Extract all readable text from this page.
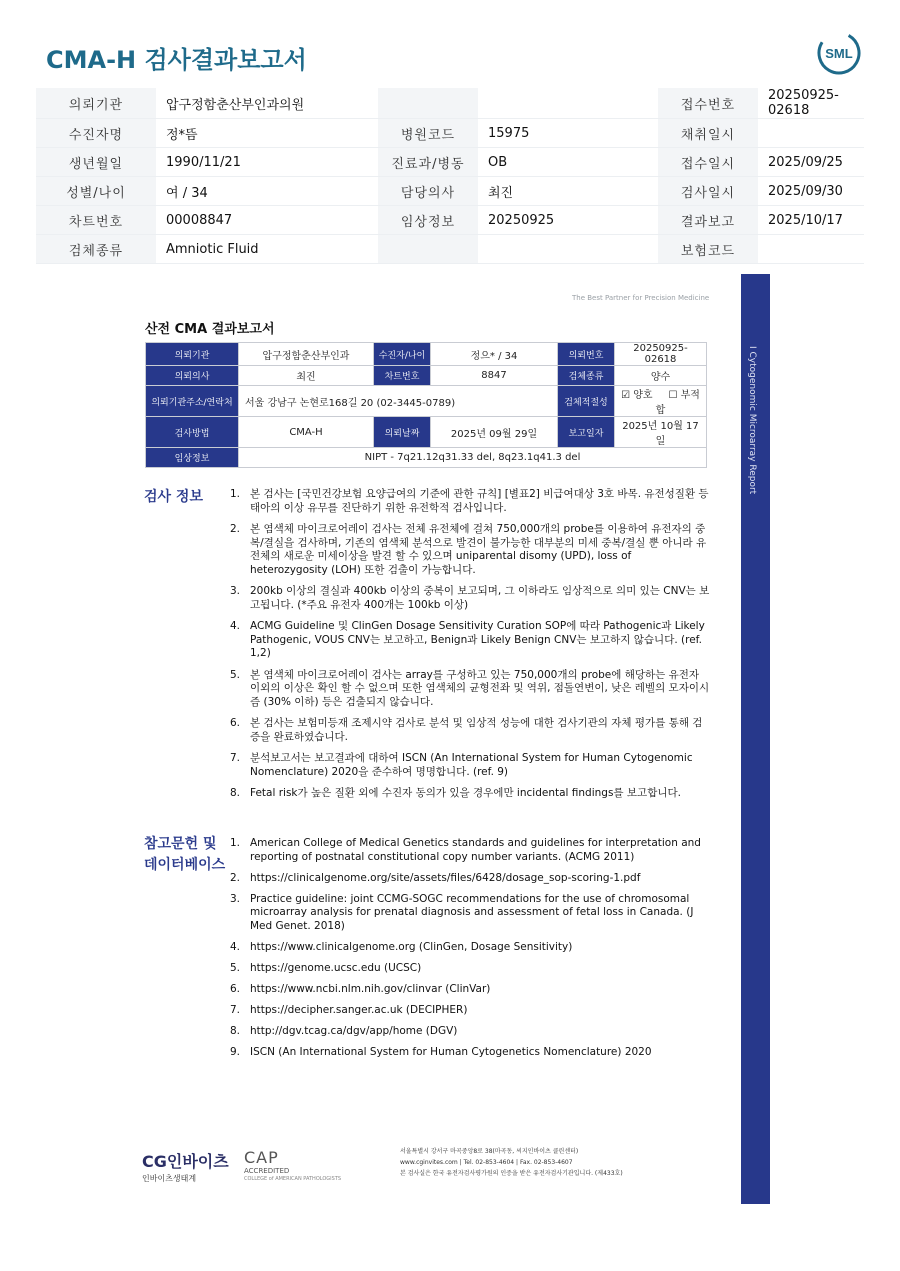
CMA-H 검사결과보고서	SML
의뢰기관	압구정함춘산부인과의원			접수번호	20250925-02618
수진자명	정*뜸	병원코드	15975	채취일시	
생년월일	1990/11/21	진료과/병동	OB	접수일시	2025/09/25
성별/나이	여 / 34	담당의사	최진	검사일시	2025/09/30
차트번호	00008847	임상정보	20250925	결과보고	2025/10/17
검체종류	Amniotic Fluid			보험코드	
I Cytogenomic Microarray Report
The Best Partner for Precision Medicine
산전 CMA 결과보고서
의뢰기관	압구정함춘산부인과	수진자/나이	정으* / 34	의뢰번호	20250925-02618
의뢰의사	최진	차트번호	8847	검체종류	양수
의뢰기관주소/연락처	서울 강남구 논현로168길 20 (02-3445-0789)			검체적절성	☑ 양호 ☐ 부적합
검사방법	CMA-H	의뢰날짜	2025년 09월 29일	보고일자	2025년 10월 17일
임상정보	NIPT - 7q21.12q31.33 del, 8q23.1q41.3 del				
검사 정보	1. 본 검사는 [국민건강보험 요양급여의 기준에 관한 규칙] [별표2] 비급여대상 3호 바목. 유전성질환 등 태아의 이상 유무를 진단하기 위한 유전학적 검사입니다.
2. 본 염색체 마이크로어레이 검사는 전체 유전체에 걸쳐 750,000개의 probe를 이용하여 유전자의 중복/결실을 검사하며, 기존의 염색체 분석으로 발견이 불가능한 대부분의 미세 중복/결실 뿐 아니라 유전체의 새로운 미세이상을 발견 할 수 있으며 uniparental disomy (UPD), loss of heterozygosity (LOH) 또한 검출이 가능합니다.
3. 200kb 이상의 결실과 400kb 이상의 중복이 보고되며, 그 이하라도 임상적으로 의미 있는 CNV는 보고됩니다. (*주요 유전자 400개는 100kb 이상)
4. ACMG Guideline 및 ClinGen Dosage Sensitivity Curation SOP에 따라 Pathogenic과 Likely Pathogenic, VOUS CNV는 보고하고, Benign과 Likely Benign CNV는 보고하지 않습니다. (ref. 1,2)
5. 본 염색체 마이크로어레이 검사는 array를 구성하고 있는 750,000개의 probe에 해당하는 유전자 이외의 이상은 확인 할 수 없으며 또한 염색체의 균형전좌 및 역위, 점돌연변이, 낮은 레벨의 모자이시즘 (30% 이하) 등은 검출되지 않습니다.
6. 본 검사는 보험미등재 조제시약 검사로 분석 및 임상적 성능에 대한 검사기관의 자체 평가를 통해 검증을 완료하였습니다.
7. 분석보고서는 보고결과에 대하여 ISCN (An International System for Human Cytogenomic Nomenclature) 2020을 준수하여 명명합니다. (ref. 9)
8. Fetal risk가 높은 질환 외에 수진자 동의가 있을 경우에만 incidental findings를 보고합니다.
참고문헌 및
데이터베이스
1. American College of Medical Genetics standards and guidelines for interpretation and reporting of postnatal constitutional copy number variants. (ACMG 2011)
2. https://clinicalgenome.org/site/assets/files/6428/dosage_sop-scoring-1.pdf
3. Practice guideline: joint CCMG-SOGC recommendations for the use of chromosomal microarray analysis for prenatal diagnosis and assessment of fetal loss in Canada. (J Med Genet. 2018)
4. https://www.clinicalgenome.org (ClinGen, Dosage Sensitivity)
5. https://genome.ucsc.edu (UCSC)
6. https://www.ncbi.nlm.nih.gov/clinvar (ClinVar)
7. https://decipher.sanger.ac.uk (DECIPHER)
8. http://dgv.tcag.ca/dgv/app/home (DGV)
9. ISCN (An International System for Human Cytogenetics Nomenclature) 2020
CG인바이츠
인바이츠생태계
CAP
ACCREDITED
COLLEGE of AMERICAN PATHOLOGISTS
서울특별시 강서구 마곡중앙8로 38(마곡동, 씨지인바이츠 클린센터)
www.cginvites.com | Tel. 02-853-4604 | Fax. 02-853-4607
본 검사실은 한국 유전자검사평가원의 인증을 받은 유전자검사기관입니다. (제433호)
